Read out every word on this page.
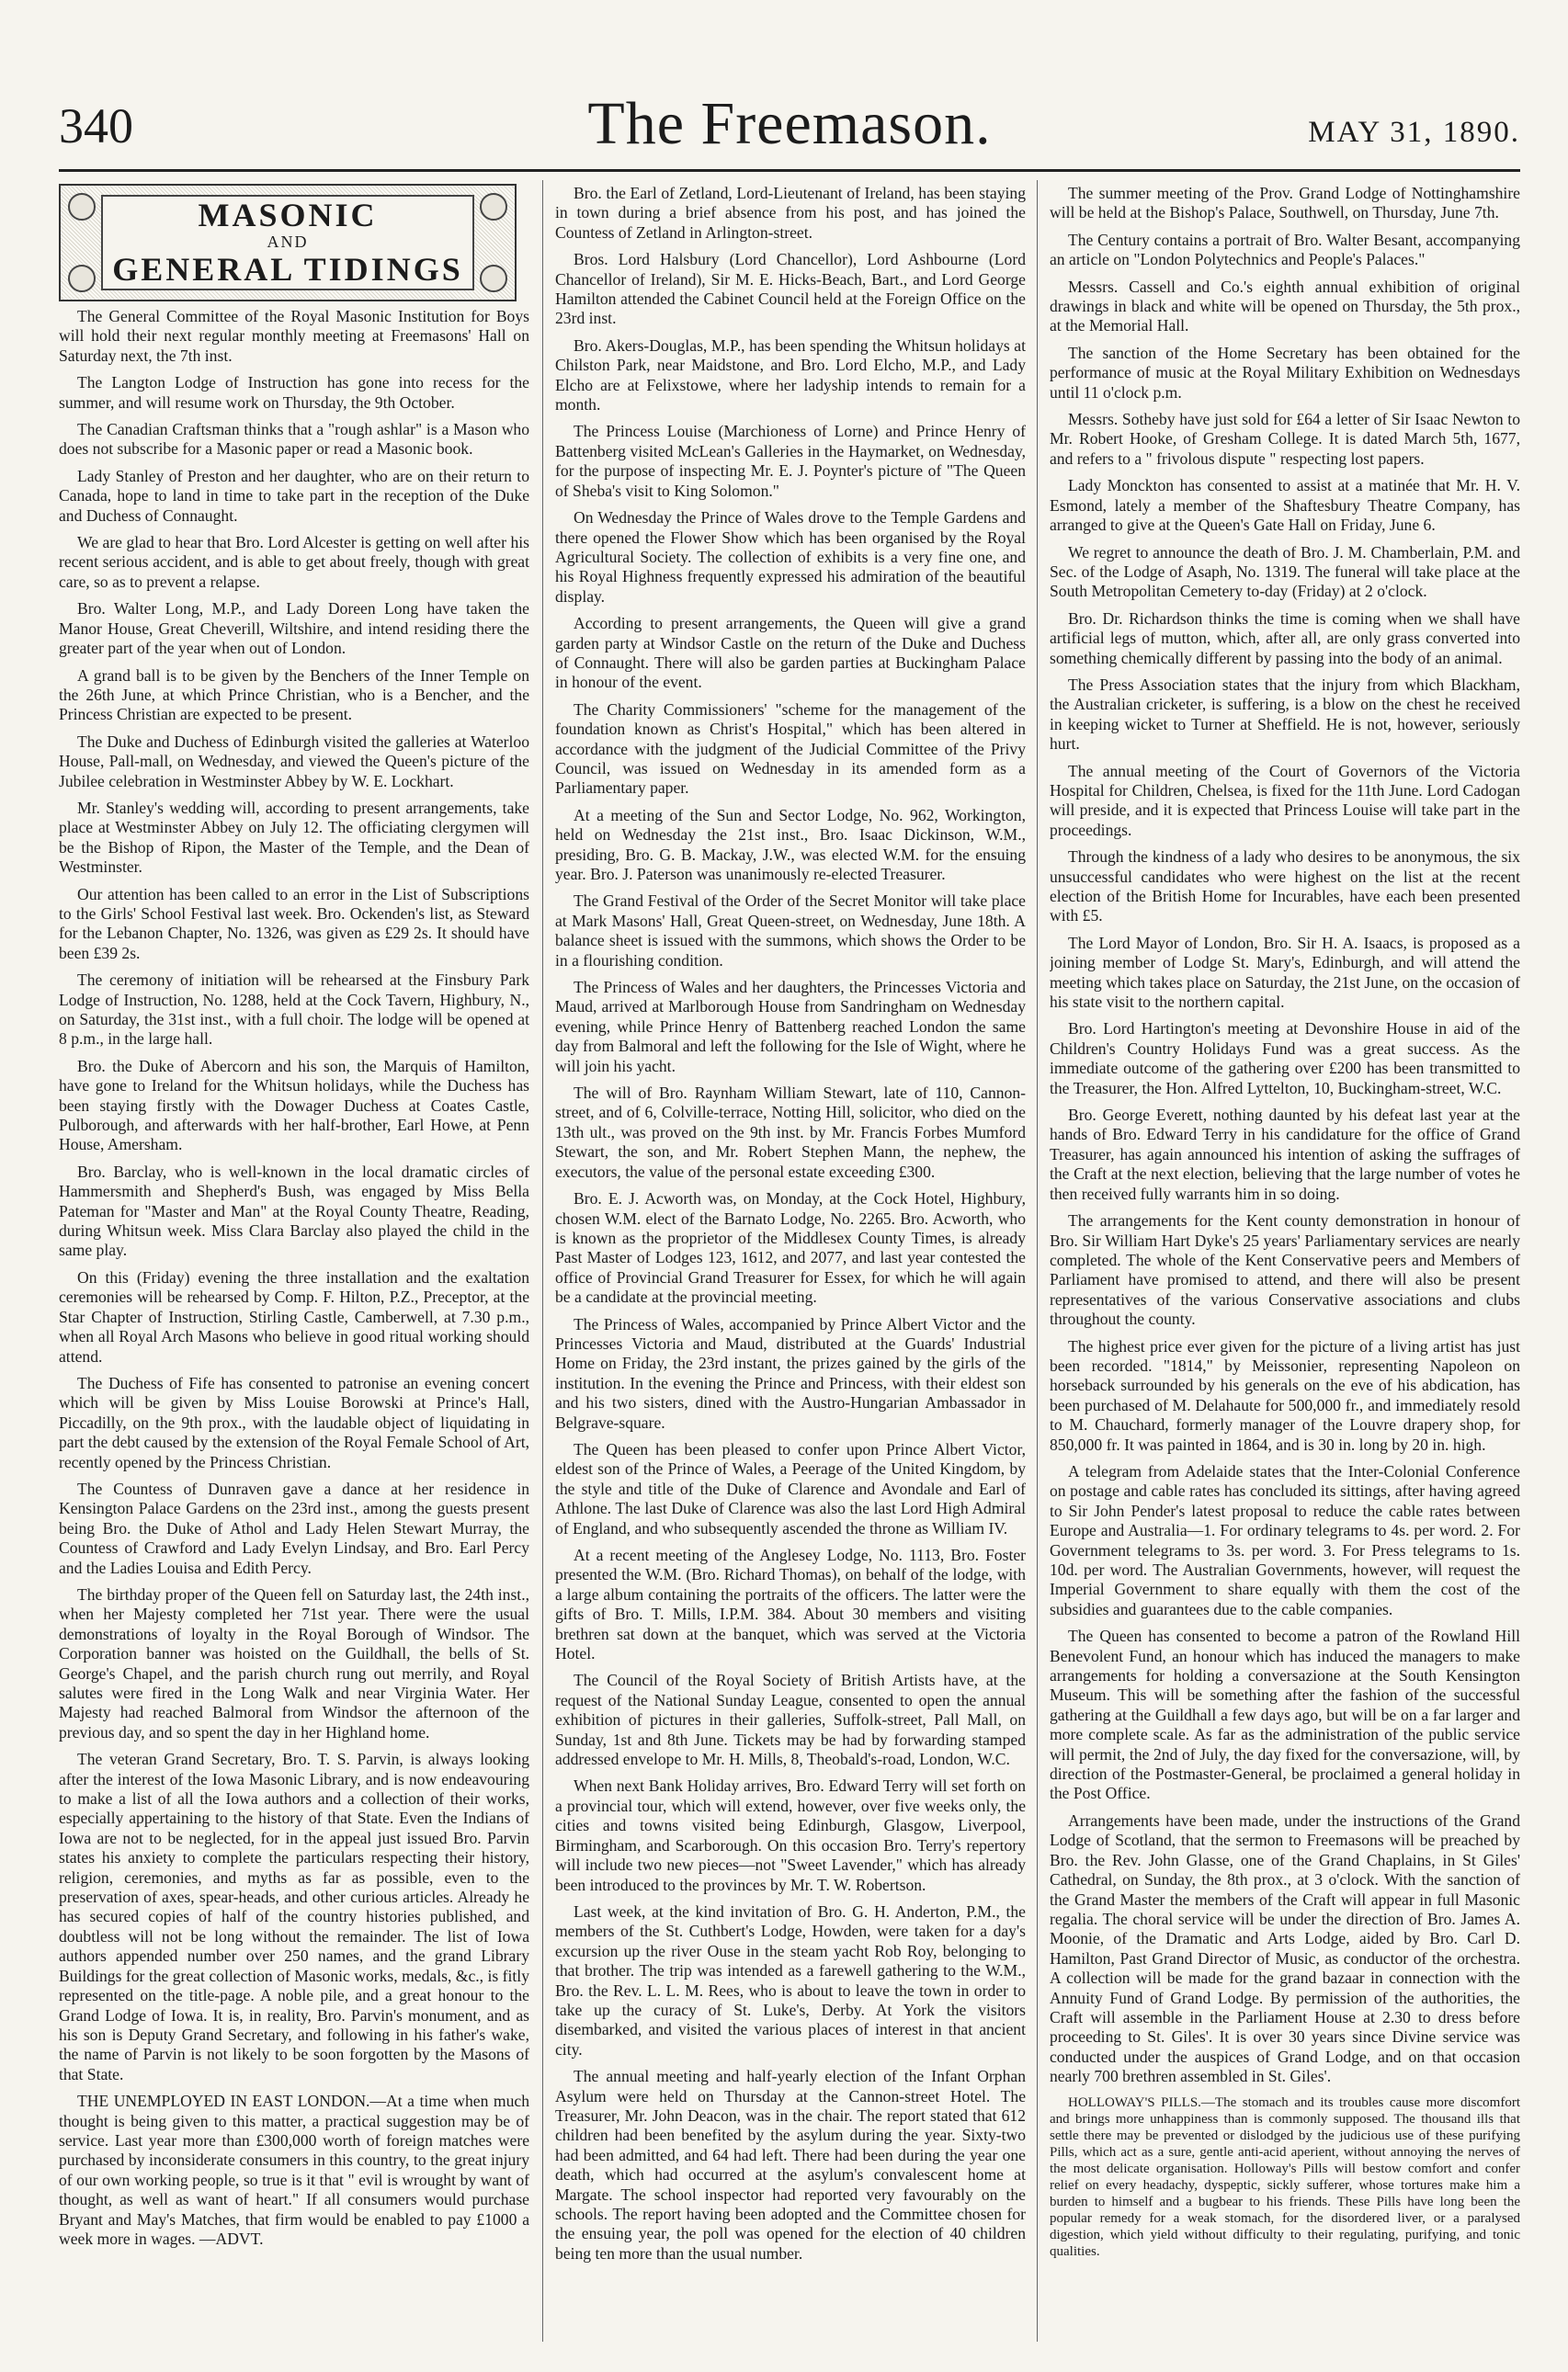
340	The Freemason.	MAY 31, 1890.
MASONIC
AND
GENERAL TIDINGS

The General Committee of the Royal Masonic Institution for Boys will hold their next regular monthly meeting at Freemasons' Hall on Saturday next, the 7th inst.

The Langton Lodge of Instruction has gone into recess for the summer, and will resume work on Thursday, the 9th October.

The Canadian Craftsman thinks that a "rough ashlar" is a Mason who does not subscribe for a Masonic paper or read a Masonic book.

Lady Stanley of Preston and her daughter, who are on their return to Canada, hope to land in time to take part in the reception of the Duke and Duchess of Connaught.

We are glad to hear that Bro. Lord Alcester is getting on well after his recent serious accident, and is able to get about freely, though with great care, so as to prevent a relapse.

Bro. Walter Long, M.P., and Lady Doreen Long have taken the Manor House, Great Cheverill, Wiltshire, and intend residing there the greater part of the year when out of London.

A grand ball is to be given by the Benchers of the Inner Temple on the 26th June, at which Prince Christian, who is a Bencher, and the Princess Christian are expected to be present.

The Duke and Duchess of Edinburgh visited the galleries at Waterloo House, Pall-mall, on Wednesday, and viewed the Queen's picture of the Jubilee celebration in Westminster Abbey by W. E. Lockhart.

Mr. Stanley's wedding will, according to present arrangements, take place at Westminster Abbey on July 12. The officiating clergymen will be the Bishop of Ripon, the Master of the Temple, and the Dean of Westminster.

Our attention has been called to an error in the List of Subscriptions to the Girls' School Festival last week. Bro. Ockenden's list, as Steward for the Lebanon Chapter, No. 1326, was given as £29 2s. It should have been £39 2s.

The ceremony of initiation will be rehearsed at the Finsbury Park Lodge of Instruction, No. 1288, held at the Cock Tavern, Highbury, N., on Saturday, the 31st inst., with a full choir. The lodge will be opened at 8 p.m., in the large hall.

Bro. the Duke of Abercorn and his son, the Marquis of Hamilton, have gone to Ireland for the Whitsun holidays, while the Duchess has been staying firstly with the Dowager Duchess at Coates Castle, Pulborough, and afterwards with her half-brother, Earl Howe, at Penn House, Amersham.

Bro. Barclay, who is well-known in the local dramatic circles of Hammersmith and Shepherd's Bush, was engaged by Miss Bella Pateman for "Master and Man" at the Royal County Theatre, Reading, during Whitsun week. Miss Clara Barclay also played the child in the same play.

On this (Friday) evening the three installation and the exaltation ceremonies will be rehearsed by Comp. F. Hilton, P.Z., Preceptor, at the Star Chapter of Instruction, Stirling Castle, Camberwell, at 7.30 p.m., when all Royal Arch Masons who believe in good ritual working should attend.

The Duchess of Fife has consented to patronise an evening concert which will be given by Miss Louise Borowski at Prince's Hall, Piccadilly, on the 9th prox., with the laudable object of liquidating in part the debt caused by the extension of the Royal Female School of Art, recently opened by the Princess Christian.

The Countess of Dunraven gave a dance at her residence in Kensington Palace Gardens on the 23rd inst., among the guests present being Bro. the Duke of Athol and Lady Helen Stewart Murray, the Countess of Crawford and Lady Evelyn Lindsay, and Bro. Earl Percy and the Ladies Louisa and Edith Percy.

The birthday proper of the Queen fell on Saturday last, the 24th inst., when her Majesty completed her 71st year. There were the usual demonstrations of loyalty in the Royal Borough of Windsor. The Corporation banner was hoisted on the Guildhall, the bells of St. George's Chapel, and the parish church rung out merrily, and Royal salutes were fired in the Long Walk and near Virginia Water. Her Majesty had reached Balmoral from Windsor the afternoon of the previous day, and so spent the day in her Highland home.

The veteran Grand Secretary, Bro. T. S. Parvin, is always looking after the interest of the Iowa Masonic Library, and is now endeavouring to make a list of all the Iowa authors and a collection of their works, especially appertaining to the history of that State. Even the Indians of Iowa are not to be neglected, for in the appeal just issued Bro. Parvin states his anxiety to complete the particulars respecting their history, religion, ceremonies, and myths as far as possible, even to the preservation of axes, spear-heads, and other curious articles. Already he has secured copies of half of the country histories published, and doubtless will not be long without the remainder. The list of Iowa authors appended number over 250 names, and the grand Library Buildings for the great collection of Masonic works, medals, &c., is fitly represented on the title-page. A noble pile, and a great honour to the Grand Lodge of Iowa. It is, in reality, Bro. Parvin's monument, and as his son is Deputy Grand Secretary, and following in his father's wake, the name of Parvin is not likely to be soon forgotten by the Masons of that State.

THE UNEMPLOYED IN EAST LONDON.—At a time when much thought is being given to this matter, a practical suggestion may be of service. Last year more than £300,000 worth of foreign matches were purchased by inconsiderate consumers in this country, to the great injury of our own working people, so true is it that " evil is wrought by want of thought, as well as want of heart." If all consumers would purchase Bryant and May's Matches, that firm would be enabled to pay £1000 a week more in wages. —ADVT.

Bro. the Earl of Zetland, Lord-Lieutenant of Ireland, has been staying in town during a brief absence from his post, and has joined the Countess of Zetland in Arlington-street.

Bros. Lord Halsbury (Lord Chancellor), Lord Ashbourne (Lord Chancellor of Ireland), Sir M. E. Hicks-Beach, Bart., and Lord George Hamilton attended the Cabinet Council held at the Foreign Office on the 23rd inst.

Bro. Akers-Douglas, M.P., has been spending the Whitsun holidays at Chilston Park, near Maidstone, and Bro. Lord Elcho, M.P., and Lady Elcho are at Felixstowe, where her ladyship intends to remain for a month.

The Princess Louise (Marchioness of Lorne) and Prince Henry of Battenberg visited McLean's Galleries in the Haymarket, on Wednesday, for the purpose of inspecting Mr. E. J. Poynter's picture of "The Queen of Sheba's visit to King Solomon."

On Wednesday the Prince of Wales drove to the Temple Gardens and there opened the Flower Show which has been organised by the Royal Agricultural Society. The collection of exhibits is a very fine one, and his Royal Highness frequently expressed his admiration of the beautiful display.

According to present arrangements, the Queen will give a grand garden party at Windsor Castle on the return of the Duke and Duchess of Connaught. There will also be garden parties at Buckingham Palace in honour of the event.

The Charity Commissioners' "scheme for the management of the foundation known as Christ's Hospital," which has been altered in accordance with the judgment of the Judicial Committee of the Privy Council, was issued on Wednesday in its amended form as a Parliamentary paper.

At a meeting of the Sun and Sector Lodge, No. 962, Workington, held on Wednesday the 21st inst., Bro. Isaac Dickinson, W.M., presiding, Bro. G. B. Mackay, J.W., was elected W.M. for the ensuing year. Bro. J. Paterson was unanimously re-elected Treasurer.

The Grand Festival of the Order of the Secret Monitor will take place at Mark Masons' Hall, Great Queen-street, on Wednesday, June 18th. A balance sheet is issued with the summons, which shows the Order to be in a flourishing condition.

The Princess of Wales and her daughters, the Princesses Victoria and Maud, arrived at Marlborough House from Sandringham on Wednesday evening, while Prince Henry of Battenberg reached London the same day from Balmoral and left the following for the Isle of Wight, where he will join his yacht.

The will of Bro. Raynham William Stewart, late of 110, Cannon-street, and of 6, Colville-terrace, Notting Hill, solicitor, who died on the 13th ult., was proved on the 9th inst. by Mr. Francis Forbes Mumford Stewart, the son, and Mr. Robert Stephen Mann, the nephew, the executors, the value of the personal estate exceeding £300.

Bro. E. J. Acworth was, on Monday, at the Cock Hotel, Highbury, chosen W.M. elect of the Barnato Lodge, No. 2265. Bro. Acworth, who is known as the proprietor of the Middlesex County Times, is already Past Master of Lodges 123, 1612, and 2077, and last year contested the office of Provincial Grand Treasurer for Essex, for which he will again be a candidate at the provincial meeting.

The Princess of Wales, accompanied by Prince Albert Victor and the Princesses Victoria and Maud, distributed at the Guards' Industrial Home on Friday, the 23rd instant, the prizes gained by the girls of the institution. In the evening the Prince and Princess, with their eldest son and his two sisters, dined with the Austro-Hungarian Ambassador in Belgrave-square.

The Queen has been pleased to confer upon Prince Albert Victor, eldest son of the Prince of Wales, a Peerage of the United Kingdom, by the style and title of the Duke of Clarence and Avondale and Earl of Athlone. The last Duke of Clarence was also the last Lord High Admiral of England, and who subsequently ascended the throne as William IV.

At a recent meeting of the Anglesey Lodge, No. 1113, Bro. Foster presented the W.M. (Bro. Richard Thomas), on behalf of the lodge, with a large album containing the portraits of the officers. The latter were the gifts of Bro. T. Mills, I.P.M. 384. About 30 members and visiting brethren sat down at the banquet, which was served at the Victoria Hotel.

The Council of the Royal Society of British Artists have, at the request of the National Sunday League, consented to open the annual exhibition of pictures in their galleries, Suffolk-street, Pall Mall, on Sunday, 1st and 8th June. Tickets may be had by forwarding stamped addressed envelope to Mr. H. Mills, 8, Theobald's-road, London, W.C.

When next Bank Holiday arrives, Bro. Edward Terry will set forth on a provincial tour, which will extend, however, over five weeks only, the cities and towns visited being Edinburgh, Glasgow, Liverpool, Birmingham, and Scarborough. On this occasion Bro. Terry's repertory will include two new pieces—not "Sweet Lavender," which has already been introduced to the provinces by Mr. T. W. Robertson.

Last week, at the kind invitation of Bro. G. H. Anderton, P.M., the members of the St. Cuthbert's Lodge, Howden, were taken for a day's excursion up the river Ouse in the steam yacht Rob Roy, belonging to that brother. The trip was intended as a farewell gathering to the W.M., Bro. the Rev. L. L. M. Rees, who is about to leave the town in order to take up the curacy of St. Luke's, Derby. At York the visitors disembarked, and visited the various places of interest in that ancient city.

The annual meeting and half-yearly election of the Infant Orphan Asylum were held on Thursday at the Cannon-street Hotel. The Treasurer, Mr. John Deacon, was in the chair. The report stated that 612 children had been benefited by the asylum during the year. Sixty-two had been admitted, and 64 had left. There had been during the year one death, which had occurred at the asylum's convalescent home at Margate. The school inspector had reported very favourably on the schools. The report having been adopted and the Committee chosen for the ensuing year, the poll was opened for the election of 40 children being ten more than the usual number.

The summer meeting of the Prov. Grand Lodge of Nottinghamshire will be held at the Bishop's Palace, Southwell, on Thursday, June 7th.

The Century contains a portrait of Bro. Walter Besant, accompanying an article on "London Polytechnics and People's Palaces."

Messrs. Cassell and Co.'s eighth annual exhibition of original drawings in black and white will be opened on Thursday, the 5th prox., at the Memorial Hall.

The sanction of the Home Secretary has been obtained for the performance of music at the Royal Military Exhibition on Wednesdays until 11 o'clock p.m.

Messrs. Sotheby have just sold for £64 a letter of Sir Isaac Newton to Mr. Robert Hooke, of Gresham College. It is dated March 5th, 1677, and refers to a " frivolous dispute " respecting lost papers.

Lady Monckton has consented to assist at a matinée that Mr. H. V. Esmond, lately a member of the Shaftesbury Theatre Company, has arranged to give at the Queen's Gate Hall on Friday, June 6.

We regret to announce the death of Bro. J. M. Chamberlain, P.M. and Sec. of the Lodge of Asaph, No. 1319. The funeral will take place at the South Metropolitan Cemetery to-day (Friday) at 2 o'clock.

Bro. Dr. Richardson thinks the time is coming when we shall have artificial legs of mutton, which, after all, are only grass converted into something chemically different by passing into the body of an animal.

The Press Association states that the injury from which Blackham, the Australian cricketer, is suffering, is a blow on the chest he received in keeping wicket to Turner at Sheffield. He is not, however, seriously hurt.

The annual meeting of the Court of Governors of the Victoria Hospital for Children, Chelsea, is fixed for the 11th June. Lord Cadogan will preside, and it is expected that Princess Louise will take part in the proceedings.

Through the kindness of a lady who desires to be anonymous, the six unsuccessful candidates who were highest on the list at the recent election of the British Home for Incurables, have each been presented with £5.

The Lord Mayor of London, Bro. Sir H. A. Isaacs, is proposed as a joining member of Lodge St. Mary's, Edinburgh, and will attend the meeting which takes place on Saturday, the 21st June, on the occasion of his state visit to the northern capital.

Bro. Lord Hartington's meeting at Devonshire House in aid of the Children's Country Holidays Fund was a great success. As the immediate outcome of the gathering over £200 has been transmitted to the Treasurer, the Hon. Alfred Lyttelton, 10, Buckingham-street, W.C.

Bro. George Everett, nothing daunted by his defeat last year at the hands of Bro. Edward Terry in his candidature for the office of Grand Treasurer, has again announced his intention of asking the suffrages of the Craft at the next election, believing that the large number of votes he then received fully warrants him in so doing.

The arrangements for the Kent county demonstration in honour of Bro. Sir William Hart Dyke's 25 years' Parliamentary services are nearly completed. The whole of the Kent Conservative peers and Members of Parliament have promised to attend, and there will also be present representatives of the various Conservative associations and clubs throughout the county.

The highest price ever given for the picture of a living artist has just been recorded. "1814," by Meissonier, representing Napoleon on horseback surrounded by his generals on the eve of his abdication, has been purchased of M. Delahaute for 500,000 fr., and immediately resold to M. Chauchard, formerly manager of the Louvre drapery shop, for 850,000 fr. It was painted in 1864, and is 30 in. long by 20 in. high.

A telegram from Adelaide states that the Inter-Colonial Conference on postage and cable rates has concluded its sittings, after having agreed to Sir John Pender's latest proposal to reduce the cable rates between Europe and Australia—1. For ordinary telegrams to 4s. per word. 2. For Government telegrams to 3s. per word. 3. For Press telegrams to 1s. 10d. per word. The Australian Governments, however, will request the Imperial Government to share equally with them the cost of the subsidies and guarantees due to the cable companies.

The Queen has consented to become a patron of the Rowland Hill Benevolent Fund, an honour which has induced the managers to make arrangements for holding a conversazione at the South Kensington Museum. This will be something after the fashion of the successful gathering at the Guildhall a few days ago, but will be on a far larger and more complete scale. As far as the administration of the public service will permit, the 2nd of July, the day fixed for the conversazione, will, by direction of the Postmaster-General, be proclaimed a general holiday in the Post Office.

Arrangements have been made, under the instructions of the Grand Lodge of Scotland, that the sermon to Freemasons will be preached by Bro. the Rev. John Glasse, one of the Grand Chaplains, in St Giles' Cathedral, on Sunday, the 8th prox., at 3 o'clock. With the sanction of the Grand Master the members of the Craft will appear in full Masonic regalia. The choral service will be under the direction of Bro. James A. Moonie, of the Dramatic and Arts Lodge, aided by Bro. Carl D. Hamilton, Past Grand Director of Music, as conductor of the orchestra. A collection will be made for the grand bazaar in connection with the Annuity Fund of Grand Lodge. By permission of the authorities, the Craft will assemble in the Parliament House at 2.30 to dress before proceeding to St. Giles'. It is over 30 years since Divine service was conducted under the auspices of Grand Lodge, and on that occasion nearly 700 brethren assembled in St. Giles'.

HOLLOWAY'S PILLS.—The stomach and its troubles cause more discomfort and brings more unhappiness than is commonly supposed. The thousand ills that settle there may be prevented or dislodged by the judicious use of these purifying Pills, which act as a sure, gentle anti-acid aperient, without annoying the nerves of the most delicate organisation. Holloway's Pills will bestow comfort and confer relief on every headachy, dyspeptic, sickly sufferer, whose tortures make him a burden to himself and a bugbear to his friends. These Pills have long been the popular remedy for a weak stomach, for the disordered liver, or a paralysed digestion, which yield without difficulty to their regulating, purifying, and tonic qualities.
